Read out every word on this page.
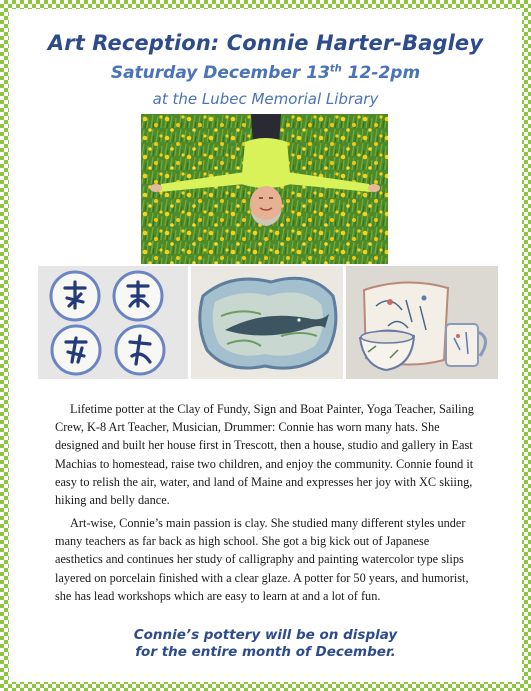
Art Reception: Connie Harter-Bagley
Saturday December 13th 12-2pm
at the Lubec Memorial Library

Lifetime potter at the Clay of Fundy, Sign and Boat Painter, Yoga Teacher, Sailing Crew, K-8 Art Teacher, Musician, Drummer: Connie has worn many hats. She designed and built her house first in Trescott, then a house, studio and gallery in East Machias to homestead, raise two children, and enjoy the community. Connie found it easy to relish the air, water, and land of Maine and expresses her joy with XC skiing, hiking and belly dance.

Art-wise, Connie’s main passion is clay. She studied many different styles under many teachers as far back as high school. She got a big kick out of Japanese aesthetics and continues her study of calligraphy and painting watercolor type slips layered on porcelain finished with a clear glaze. A potter for 50 years, and humorist, she has lead workshops which are easy to learn at and a lot of fun.

Connie’s pottery will be on display

for the entire month of December.
